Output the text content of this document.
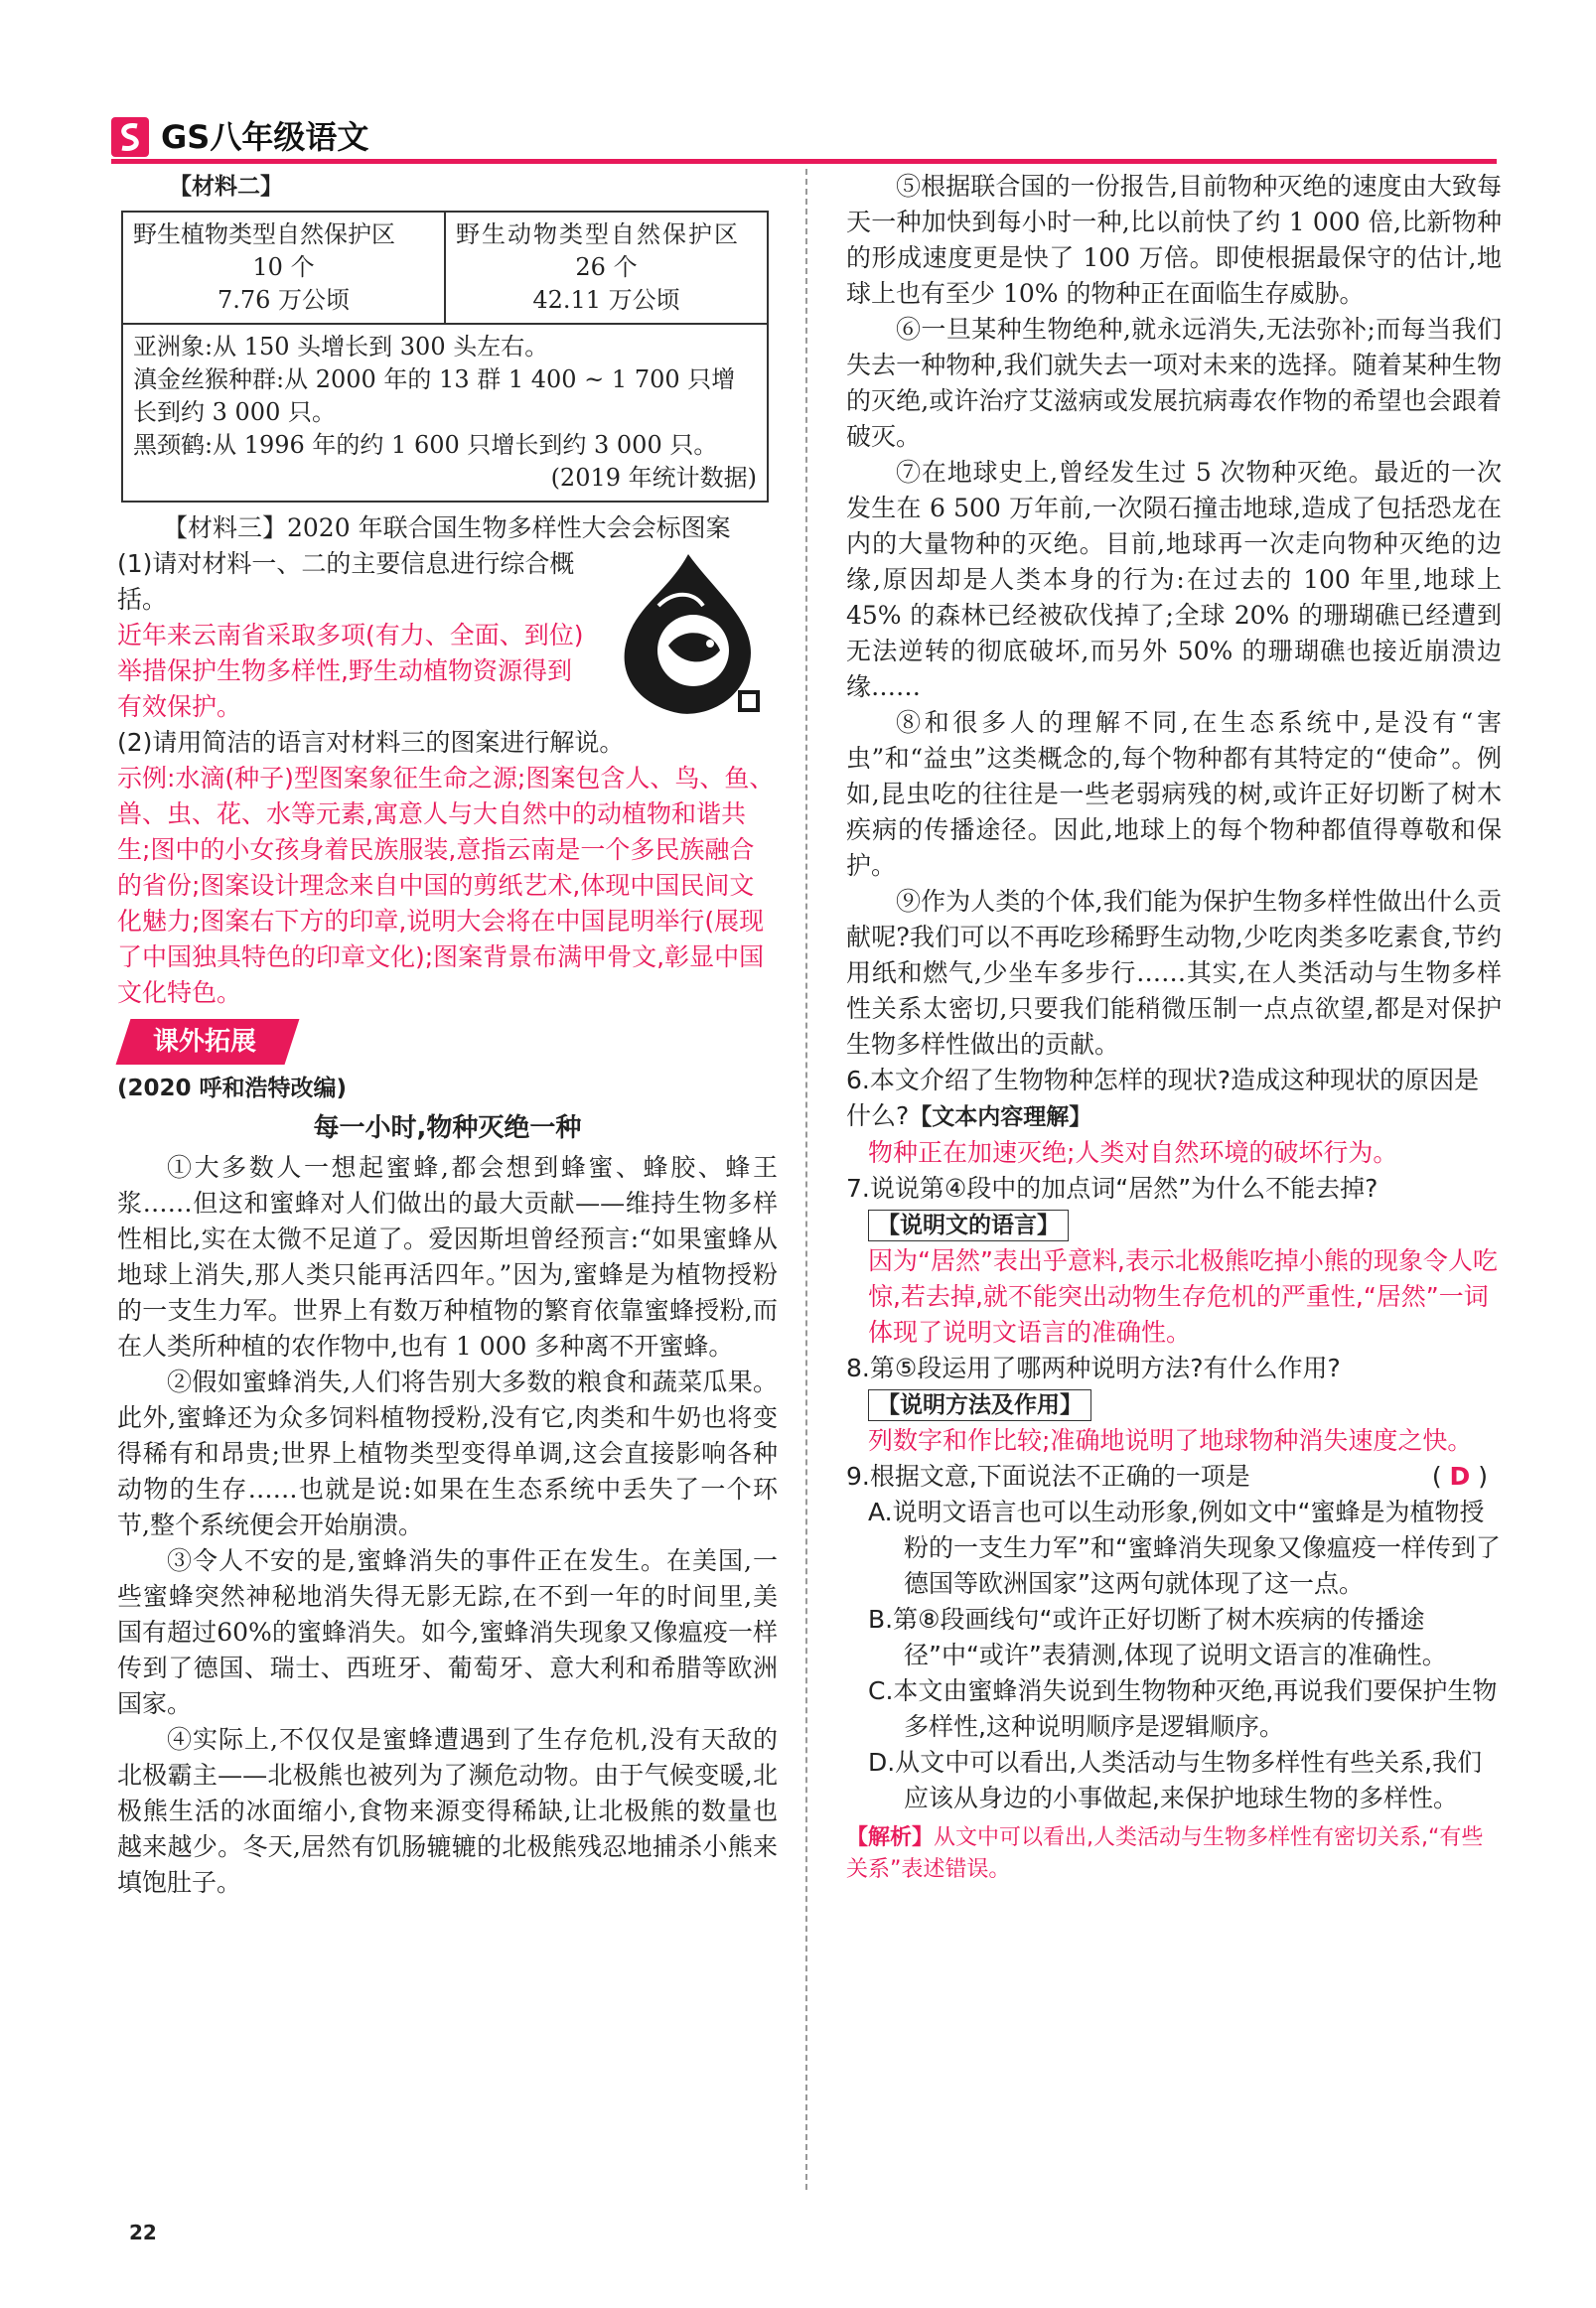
GS八年级语文

【材料二】

野生植物类型自然保护区
10 个
7.76 万公顷

野生动物类型自然保护区
26 个
42.11 万公顷

亚洲象:从 150 头增长到 300 头左右。
滇金丝猴种群:从 2000 年的 13 群 1 400 ~ 1 700 只增长到约 3 000 只。
黑颈鹤:从 1996 年的约 1 600 只增长到约 3 000 只。
(2019 年统计数据)

【材料三】2020 年联合国生物多样性大会会标图案

(1)请对材料一、二的主要信息进行综合概括。

近年来云南省采取多项(有力、全面、到位)举措保护生物多样性,野生动植物资源得到有效保护。

(2)请用简洁的语言对材料三的图案进行解说。

示例:水滴(种子)型图案象征生命之源;图案包含人、鸟、鱼、兽、虫、花、水等元素,寓意人与大自然中的动植物和谐共生;图中的小女孩身着民族服装,意指云南是一个多民族融合的省份;图案设计理念来自中国的剪纸艺术,体现中国民间文化魅力;图案右下方的印章,说明大会将在中国昆明举行(展现了中国独具特色的印章文化);图案背景布满甲骨文,彰显中国文化特色。

课外拓展

(2020 呼和浩特改编)

每一小时,物种灭绝一种

①大多数人一想起蜜蜂,都会想到蜂蜜、蜂胶、蜂王浆……但这和蜜蜂对人们做出的最大贡献——维持生物多样性相比,实在太微不足道了。爱因斯坦曾经预言:“如果蜜蜂从地球上消失,那人类只能再活四年。”因为,蜜蜂是为植物授粉的一支生力军。世界上有数万种植物的繁育依靠蜜蜂授粉,而在人类所种植的农作物中,也有 1 000 多种离不开蜜蜂。

②假如蜜蜂消失,人们将告别大多数的粮食和蔬菜瓜果。此外,蜜蜂还为众多饲料植物授粉,没有它,肉类和牛奶也将变得稀有和昂贵;世界上植物类型变得单调,这会直接影响各种动物的生存……也就是说:如果在生态系统中丢失了一个环节,整个系统便会开始崩溃。

③令人不安的是,蜜蜂消失的事件正在发生。在美国,一些蜜蜂突然神秘地消失得无影无踪,在不到一年的时间里,美国有超过60%的蜜蜂消失。如今,蜜蜂消失现象又像瘟疫一样传到了德国、瑞士、西班牙、葡萄牙、意大利和希腊等欧洲国家。

④实际上,不仅仅是蜜蜂遭遇到了生存危机,没有天敌的北极霸主——北极熊也被列为了濒危动物。由于气候变暖,北极熊生活的冰面缩小,食物来源变得稀缺,让北极熊的数量也越来越少。冬天,居然有饥肠辘辘的北极熊残忍地捕杀小熊来填饱肚子。

⑤根据联合国的一份报告,目前物种灭绝的速度由大致每天一种加快到每小时一种,比以前快了约 1 000 倍,比新物种的形成速度更是快了 100 万倍。即使根据最保守的估计,地球上也有至少 10% 的物种正在面临生存威胁。

⑥一旦某种生物绝种,就永远消失,无法弥补;而每当我们失去一种物种,我们就失去一项对未来的选择。随着某种生物的灭绝,或许治疗艾滋病或发展抗病毒农作物的希望也会跟着破灭。

⑦在地球史上,曾经发生过 5 次物种灭绝。最近的一次发生在 6 500 万年前,一次陨石撞击地球,造成了包括恐龙在内的大量物种的灭绝。目前,地球再一次走向物种灭绝的边缘,原因却是人类本身的行为:在过去的 100 年里,地球上 45% 的森林已经被砍伐掉了;全球 20% 的珊瑚礁已经遭到无法逆转的彻底破坏,而另外 50% 的珊瑚礁也接近崩溃边缘……

⑧和很多人的理解不同,在生态系统中,是没有“害虫”和“益虫”这类概念的,每个物种都有其特定的“使命”。例如,昆虫吃的往往是一些老弱病残的树,或许正好切断了树木疾病的传播途径。因此,地球上的每个物种都值得尊敬和保护。

⑨作为人类的个体,我们能为保护生物多样性做出什么贡献呢?我们可以不再吃珍稀野生动物,少吃肉类多吃素食,节约用纸和燃气,少坐车多步行……其实,在人类活动与生物多样性关系太密切,只要我们能稍微压制一点点欲望,都是对保护生物多样性做出的贡献。

6.本文介绍了生物物种怎样的现状?造成这种现状的原因是什么?【文本内容理解】

物种正在加速灭绝;人类对自然环境的破坏行为。

7.说说第④段中的加点词“居然”为什么不能去掉?

【说明文的语言】

因为“居然”表出乎意料,表示北极熊吃掉小熊的现象令人吃惊,若去掉,就不能突出动物生存危机的严重性,“居然”一词体现了说明文语言的准确性。

8.第⑤段运用了哪两种说明方法?有什么作用?

【说明方法及作用】

列数字和作比较;准确地说明了地球物种消失速度之快。

9.根据文意,下面说法不正确的一项是	( D )

A.说明文语言也可以生动形象,例如文中“蜜蜂是为植物授粉的一支生力军”和“蜜蜂消失现象又像瘟疫一样传到了德国等欧洲国家”这两句就体现了这一点。

B.第⑧段画线句“或许正好切断了树木疾病的传播途径”中“或许”表猜测,体现了说明文语言的准确性。

C.本文由蜜蜂消失说到生物物种灭绝,再说我们要保护生物多样性,这种说明顺序是逻辑顺序。

D.从文中可以看出,人类活动与生物多样性有些关系,我们应该从身边的小事做起,来保护地球生物的多样性。

【解析】从文中可以看出,人类活动与生物多样性有密切关系,“有些关系”表述错误。

22
